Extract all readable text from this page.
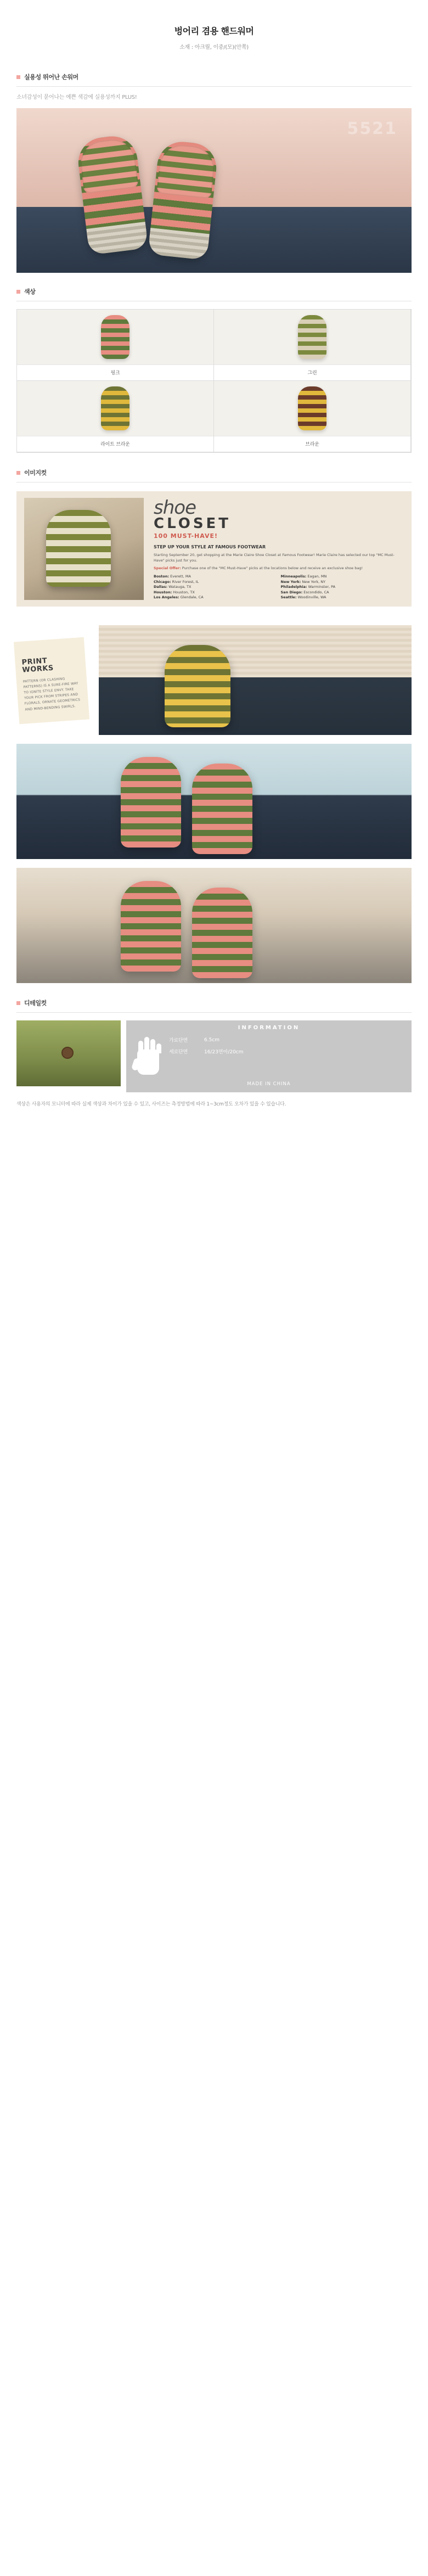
벙어리 겸용 핸드워머
소재 : 아크릴, 이중/(모)(안쪽)
실용성 뛰어난 손워머
소녀감성이 묻어나는 예쁜 색감에 실용성까지 PLUS!
5521
색상
핑크	그린
라이트 브라운	브라운
이미지컷
shoe
CLOSET
100 MUST-HAVE!
STEP UP YOUR STYLE AT FAMOUS FOOTWEAR
Starting September 20, get shopping at the Marie Claire Shoe Closet at Famous Footwear! Marie Claire has selected our top "MC Must-Have" picks just for you.
Special Offer: Purchase one of the "MC Must-Have" picks at the locations below and receive an exclusive shoe bag!
Boston: Everett, MA
Chicago: River Forest, IL
Dallas: Watauga, TX
Houston: Houston, TX
Los Angeles: Glendale, CA
Minneapolis: Eagan, MN
New York: New York, NY
Philadelphia: Warminster, PA
San Diego: Escondido, CA
Seattle: Woodinville, WA
PRINT WORKS
PATTERN (OR CLASHING PATTERNS) IS A SURE-FIRE WAY TO IGNITE STYLE ENVY. TAKE YOUR PICK FROM STRIPES AND FLORALS, ORNATE GEOMETRICS AND MIND-BENDING SWIRLS.
디테일컷
INFORMATION
가로단면	6.5cm
세로단면	16/23면아/20cm
MADE IN CHINA
색상은 사용자의 모니터에 따라 실제 색상과 차이가 있을 수 있고, 사이즈는 측정방법에 따라 1~3cm정도 오차가 있을 수 있습니다.
